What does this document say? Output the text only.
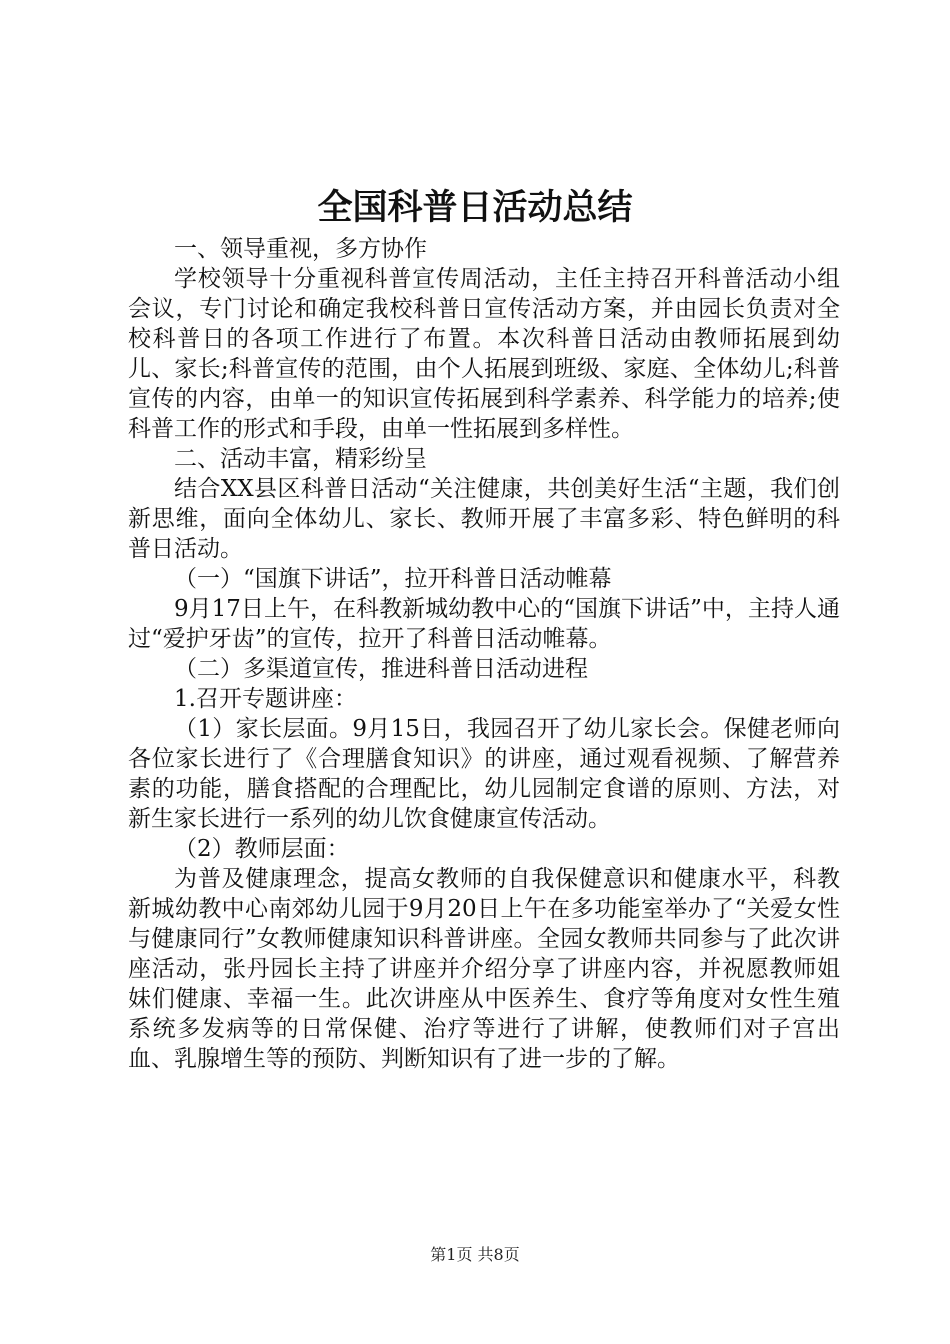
全国科普日活动总结

一、领导重视，多方协作

学校领导十分重视科普宣传周活动，主任主持召开科普活动小组会议，专门讨论和确定我校科普日宣传活动方案，并由园长负责对全校科普日的各项工作进行了布置。本次科普日活动由教师拓展到幼儿、家长;科普宣传的范围，由个人拓展到班级、家庭、全体幼儿;科普宣传的内容，由单一的知识宣传拓展到科学素养、科学能力的培养;使科普工作的形式和手段，由单一性拓展到多样性。

二、活动丰富，精彩纷呈

结合XX县区科普日活动“关注健康，共创美好生活“主题，我们创新思维，面向全体幼儿、家长、教师开展了丰富多彩、特色鲜明的科普日活动。

（一）“国旗下讲话”，拉开科普日活动帷幕

9月17日上午，在科教新城幼教中心的“国旗下讲话”中，主持人通过“爱护牙齿”的宣传，拉开了科普日活动帷幕。

（二）多渠道宣传，推进科普日活动进程

1.召开专题讲座：

（1）家长层面。9月15日，我园召开了幼儿家长会。保健老师向各位家长进行了《合理膳食知识》的讲座，通过观看视频、了解营养素的功能，膳食搭配的合理配比，幼儿园制定食谱的原则、方法，对新生家长进行一系列的幼儿饮食健康宣传活动。

（2）教师层面：

为普及健康理念，提高女教师的自我保健意识和健康水平，科教新城幼教中心南郊幼儿园于9月20日上午在多功能室举办了“关爱女性与健康同行”女教师健康知识科普讲座。全园女教师共同参与了此次讲座活动，张丹园长主持了讲座并介绍分享了讲座内容，并祝愿教师姐妹们健康、幸福一生。此次讲座从中医养生、食疗等角度对女性生殖系统多发病等的日常保健、治疗等进行了讲解，使教师们对子宫出血、乳腺增生等的预防、判断知识有了进一步的了解。

第1页 共8页
